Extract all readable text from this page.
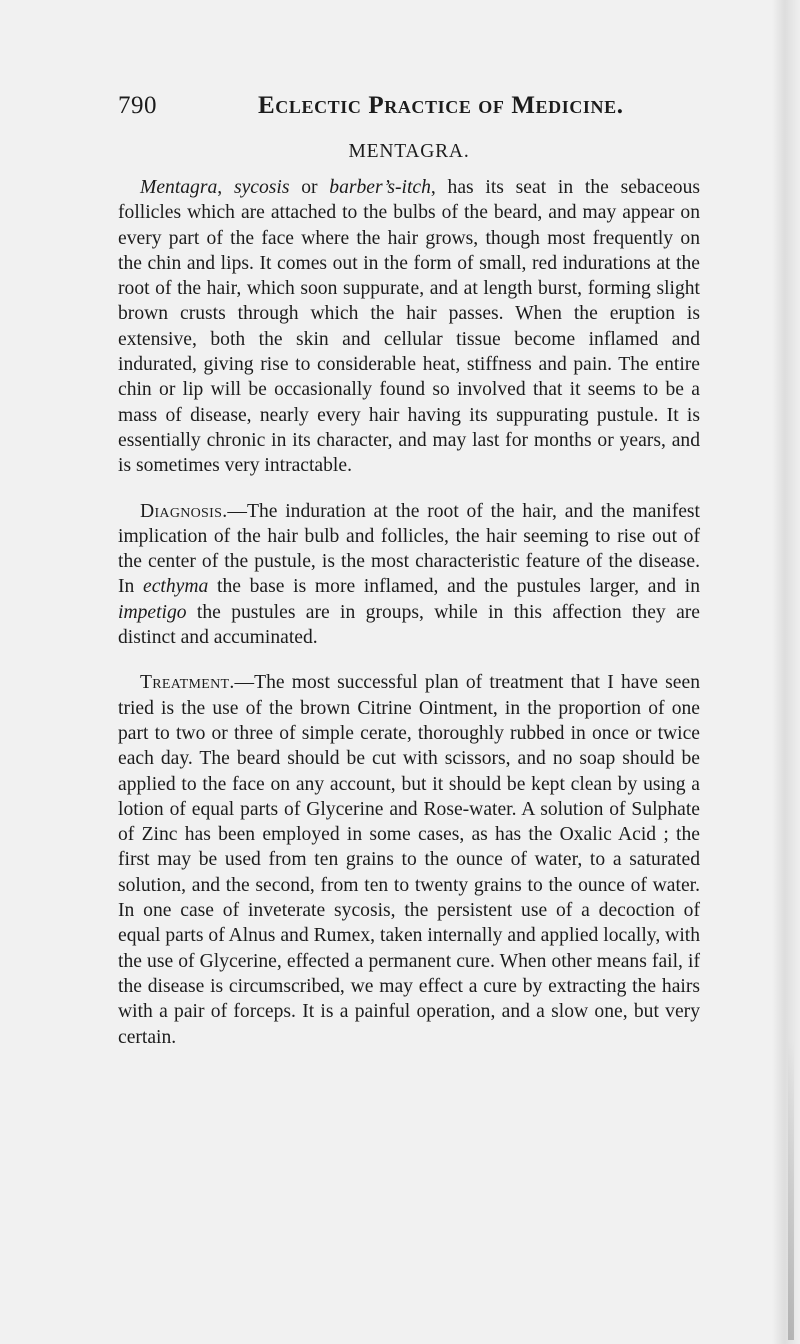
790	Eclectic Practice of Medicine.
MENTAGRA.

Mentagra, sycosis or barber’s-itch, has its seat in the sebaceous follicles which are attached to the bulbs of the beard, and may appear on every part of the face where the hair grows, though most frequently on the chin and lips. It comes out in the form of small, red indurations at the root of the hair, which soon suppurate, and at length burst, forming slight brown crusts through which the hair passes. When the eruption is extensive, both the skin and cellular tissue become inflamed and indurated, giving rise to considerable heat, stiffness and pain. The entire chin or lip will be occasionally found so involved that it seems to be a mass of disease, nearly every hair having its suppurating pustule. It is essentially chronic in its character, and may last for months or years, and is sometimes very intractable.

Diagnosis.—The induration at the root of the hair, and the manifest implication of the hair bulb and follicles, the hair seeming to rise out of the center of the pustule, is the most characteristic feature of the disease. In ecthyma the base is more inflamed, and the pustules larger, and in impetigo the pustules are in groups, while in this affection they are distinct and accuminated.

Treatment.—The most successful plan of treatment that I have seen tried is the use of the brown Citrine Ointment, in the proportion of one part to two or three of simple cerate, thoroughly rubbed in once or twice each day. The beard should be cut with scissors, and no soap should be applied to the face on any account, but it should be kept clean by using a lotion of equal parts of Glycerine and Rose-water. A solution of Sulphate of Zinc has been employed in some cases, as has the Oxalic Acid ; the first may be used from ten grains to the ounce of water, to a saturated solution, and the second, from ten to twenty grains to the ounce of water. In one case of inveterate sycosis, the persistent use of a decoction of equal parts of Alnus and Rumex, taken internally and applied locally, with the use of Glycerine, effected a permanent cure. When other means fail, if the disease is circumscribed, we may effect a cure by extracting the hairs with a pair of forceps. It is a painful operation, and a slow one, but very certain.
